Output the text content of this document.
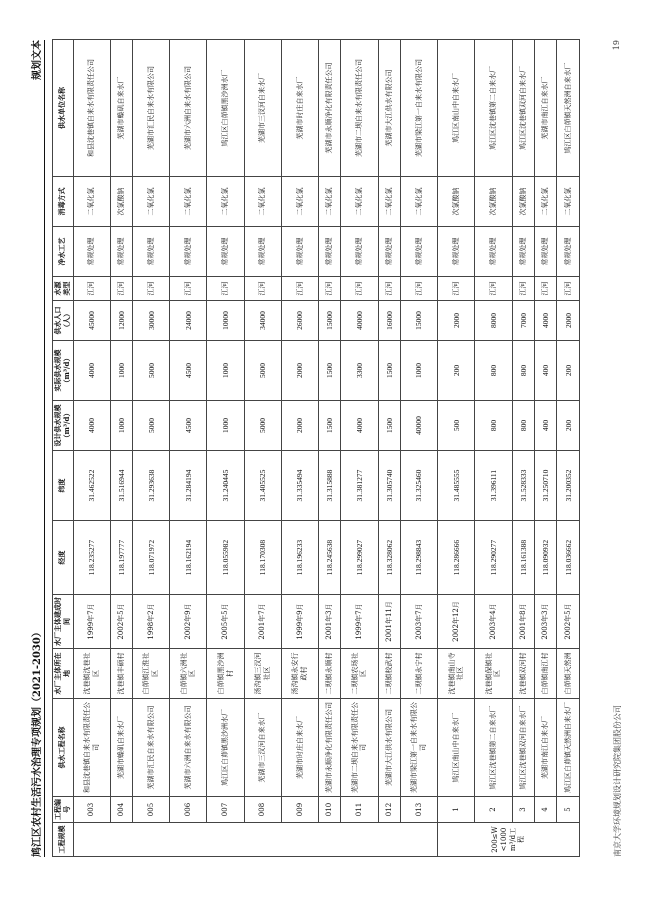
鸠江区农村生活污水治理专项规划（2021-2030）
规划文本
工程规模	工程编号	供水工程名称	水厂主体所在地	水厂主体建成时间	经度	纬度	设计供水规模（m³/d）	实际供水规模（m³/d）	供水人口（人）	水源类型	净水工艺	消毒方式	供水单位名称
	003	和县沈巷镇自来水有限责任公司	沈巷镇沈巷社区	1999年7月	118.235277	31.462522	4000	4000	45000	江河	常规处理	二氧化氯	和县沈巷镇自来水有限责任公司
	004	芜湖市蟂矶自来水厂	沈巷镇丰硕村	2002年5月	118.197777	31.516944	1000	1000	12000	江河	常规处理	次氯酸钠	芜湖市蟂矶自来水厂
	005	芜湖市汇民自来水有限公司	白茆镇江淮社区	1998年2月	118.071972	31.293638	5000	5000	30000	江河	常规处理	二氧化氯	芜湖市汇民自来水有限公司
	006	芜湖市六洲自来水有限公司	白茆镇六洲社区	2002年9月	118.162194	31.284194	4500	4500	24000	江河	常规处理	二氧化氯	芜湖市六洲自来水有限公司
	007	鸠江区白茆镇黑沙洲水厂	白茆镇黑沙洲村	2005年5月	118.055982	31.240445	1000	1000	10000	江河	常规处理	二氧化氯	鸠江区白茆镇黑沙洲水厂
	008	芜湖市三汊河自来水厂	汤沟镇三汊河社区	2001年7月	118.170308	31.405525	5000	5000	34000	江河	常规处理	二氧化氯	芜湖市三汊河自来水厂
	009	芜湖市时庄自来水厂	汤沟镇永安行政村	1999年9月	118.196233	31.335494	2000	2000	26000	江河	常规处理	二氧化氯	芜湖市时庄自来水厂
	010	芜湖市永顺净化有限责任公司	二坝镇永顺村	2001年3月	118.245638	31.315888	1500	1500	15000	江河	常规处理	二氧化氯	芜湖市永顺净化有限责任公司
	011	芜湖市二坝自来水有限责任公司	二坝镇农场社区	1999年7月	118.299027	31.381277	4000	3300	40000	江河	常规处理	二氧化氯	芜湖市二坝自来水有限责任公司
	012	芜湖市大江供水有限公司	二坝镇校武村	2001年11月	118.328062	31.305740	1500	1500	16000	江河	常规处理	二氧化氯	芜湖市大江供水有限公司
	013	芜湖市梁江第一自来水有限公司	二坝镇永宁村	2003年7月	118.298843	31.325460	40000	1000	15000	江河	常规处理	二氧化氯	芜湖市梁江第一自来水有限公司
200≤W<1000m³/d工程	1	鸠江区南山中自来水厂	沈巷镇南山寺社区	2002年12月	118.286666	31.485555	500	200	2000	江河	常规处理	次氯酸钠	鸠江区南山中自来水厂
	2	鸠江区沈巷镇第二自来水厂	沈巷镇保镇社区	2003年4月	118.290277	31.396111	800	800	8000	江河	常规处理	次氯酸钠	鸠江区沈巷镇第二自来水厂
	3	鸠江区沈巷镇双河自来水厂	沈巷镇双河村	2001年8月	118.161388	31.528333	800	800	7000	江河	常规处理	次氯酸钠	鸠江区沈巷镇双河自来水厂
	4	芜湖市南江自来水厂	白茆镇南江村	2003年3月	118.090932	31.250710	400	400	4000	江河	常规处理	二氧化氯	芜湖市南江自来水厂
	5	鸠江区白茆镇天然洲自来水厂	白茆镇天然洲	2002年5月	118.036662	31.200352	200	200	2000	江河	常规处理	二氧化氯	鸠江区白茆镇天然洲自来水厂
南京大学环境规划设计研究院集团股份公司
19
